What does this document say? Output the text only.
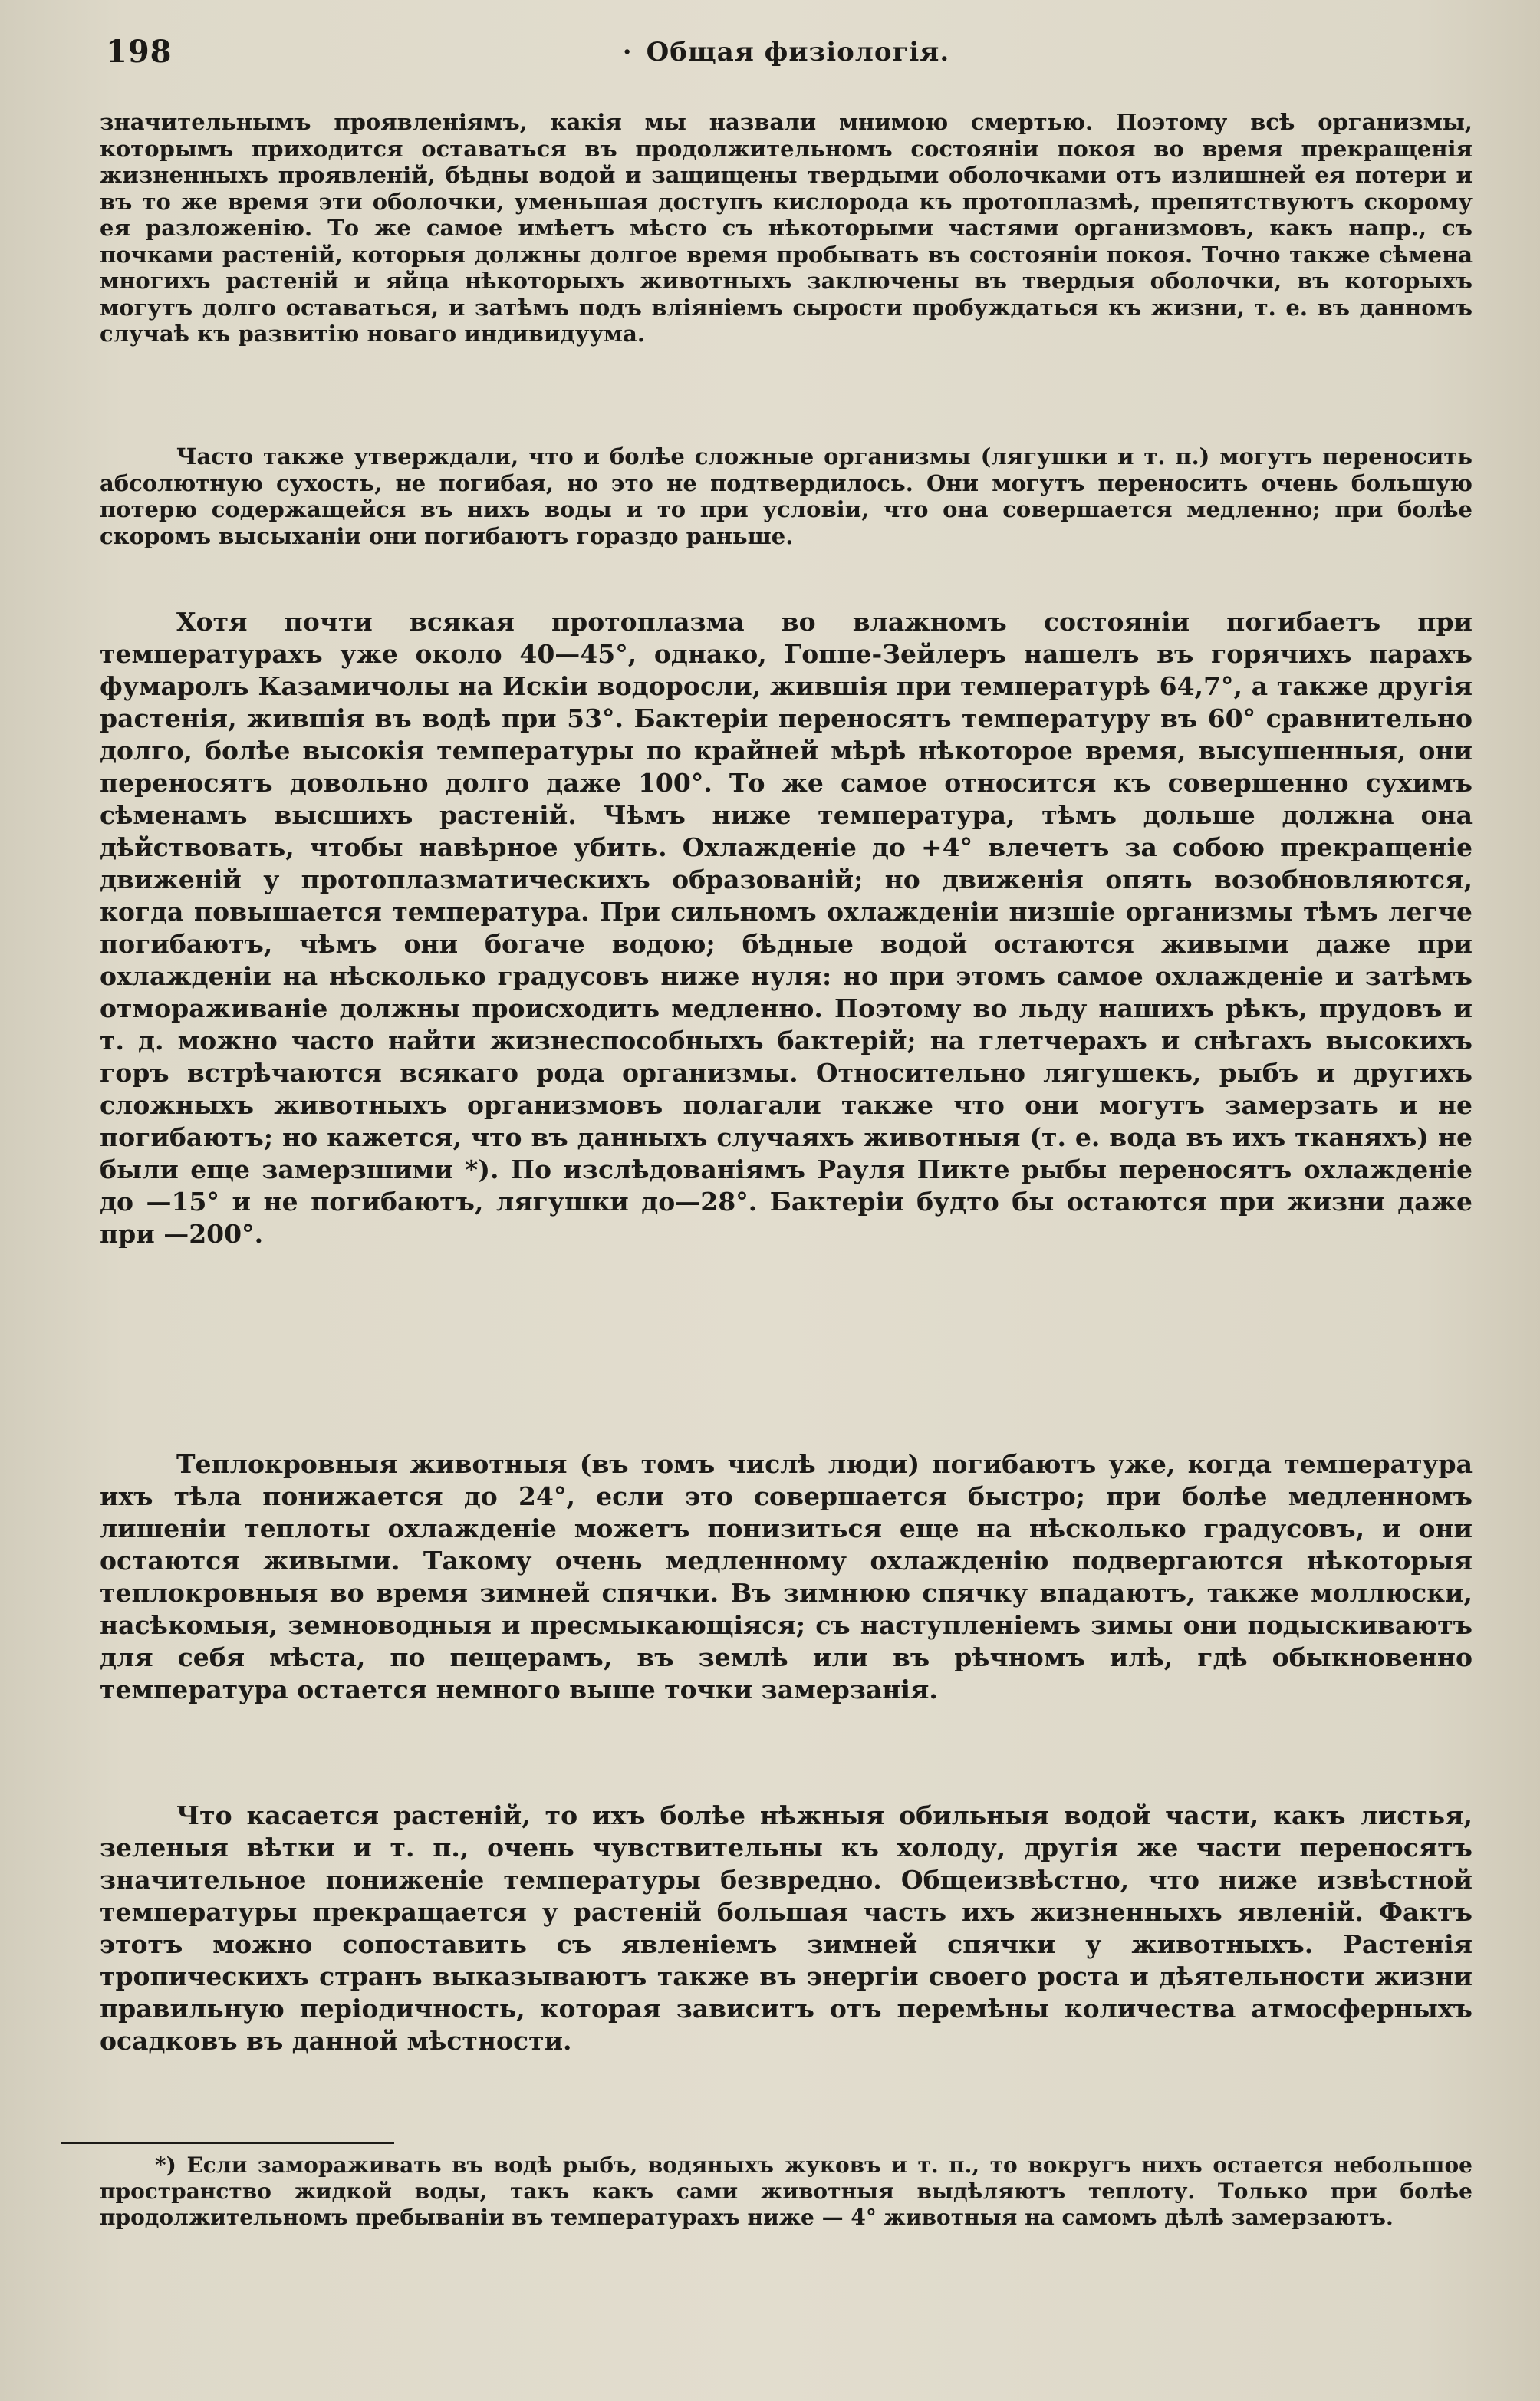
198	· Общая физіологія.

значительнымъ проявленіямъ, какія мы назвали мнимою смертью. Поэтому всѣ организмы, которымъ приходится оставаться въ продолжительномъ состояніи покоя во время прекращенія жизненныхъ проявленій, бѣдны водой и защищены твердыми оболочками отъ излишней ея потери и въ то же время эти оболочки, уменьшая доступъ кислорода къ протоплазмѣ, препятствуютъ скорому ея разложенію. То же самое имѣетъ мѣсто съ нѣкоторыми частями организмовъ, какъ напр., съ почками растеній, которыя должны долгое время пробывать въ состояніи покоя. Точно также сѣмена многихъ растеній и яйца нѣкоторыхъ животныхъ заключены въ твердыя оболочки, въ которыхъ могутъ долго оставаться, и затѣмъ подъ вліяніемъ сырости пробуждаться къ жизни, т. е. въ данномъ случаѣ къ развитію новаго индивидуума.

Часто также утверждали, что и болѣе сложные организмы (лягушки и т. п.) могутъ переносить абсолютную сухость, не погибая, но это не подтвердилось. Они могутъ переносить очень большую потерю содержащейся въ нихъ воды и то при условіи, что она совершается медленно; при болѣе скоромъ высыханіи они погибаютъ гораздо раньше.

Хотя почти всякая протоплазма во влажномъ состояніи погибаетъ при температурахъ уже около 40—45°, однако, Гоппе-Зейлеръ нашелъ въ горячихъ парахъ фумаролъ Казамичолы на Искіи водоросли, жившія при температурѣ 64,7°, а также другія растенія, жившія въ водѣ при 53°. Бактеріи переносятъ температуру въ 60° сравнительно долго, болѣе высокія температуры по крайней мѣрѣ нѣкоторое время, высушенныя, они переносятъ довольно долго даже 100°. То же самое относится къ совершенно сухимъ сѣменамъ высшихъ растеній. Чѣмъ ниже температура, тѣмъ дольше должна она дѣйствовать, чтобы навѣрное убить. Охлажденіе до +4° влечетъ за собою прекращеніе движеній у протоплазматическихъ образованій; но движенія опять возобновляются, когда повышается температура. При сильномъ охлажденіи низшіе организмы тѣмъ легче погибаютъ, чѣмъ они богаче водою; бѣдные водой остаются живыми даже при охлажденіи на нѣсколько градусовъ ниже нуля: но при этомъ самое охлажденіе и затѣмъ отмораживаніе должны происходить медленно. Поэтому во льду нашихъ рѣкъ, прудовъ и т. д. можно часто найти жизнеспособныхъ бактерій; на глетчерахъ и снѣгахъ высокихъ горъ встрѣчаются всякаго рода организмы. Относительно лягушекъ, рыбъ и другихъ сложныхъ животныхъ организмовъ полагали также что они могутъ замерзать и не погибаютъ; но кажется, что въ данныхъ случаяхъ животныя (т. е. вода въ ихъ тканяхъ) не были еще замерзшими *). По изслѣдованіямъ Рауля Пикте рыбы переносятъ охлажденіе до —15° и не погибаютъ, лягушки до—28°. Бактеріи будто бы остаются при жизни даже при —200°.

Теплокровныя животныя (въ томъ числѣ люди) погибаютъ уже, когда температура ихъ тѣла понижается до 24°, если это совершается быстро; при болѣе медленномъ лишеніи теплоты охлажденіе можетъ понизиться еще на нѣсколько градусовъ, и они остаются живыми. Такому очень медленному охлажденію подвергаются нѣкоторыя теплокровныя во время зимней спячки. Въ зимнюю спячку впадаютъ, также моллюски, насѣкомыя, земноводныя и пресмыкающіяся; съ наступленіемъ зимы они подыскиваютъ для себя мѣста, по пещерамъ, въ землѣ или въ рѣчномъ илѣ, гдѣ обыкновенно температура остается немного выше точки замерзанія.

Что касается растеній, то ихъ болѣе нѣжныя обильныя водой части, какъ листья, зеленыя вѣтки и т. п., очень чувствительны къ холоду, другія же части переносятъ значительное пониженіе температуры безвредно. Общеизвѣстно, что ниже извѣстной температуры прекращается у растеній большая часть ихъ жизненныхъ явленій. Фактъ этотъ можно сопоставить съ явленіемъ зимней спячки у животныхъ. Растенія тропическихъ странъ выказываютъ также въ энергіи своего роста и дѣятельности жизни правильную періодичность, которая зависитъ отъ перемѣны количества атмосферныхъ осадковъ въ данной мѣстности.

*) Если замораживать въ водѣ рыбъ, водяныхъ жуковъ и т. п., то вокругъ нихъ остается небольшое пространство жидкой воды, такъ какъ сами животныя выдѣляютъ теплоту. Только при болѣе продолжительномъ пребываніи въ температурахъ ниже — 4° животныя на самомъ дѣлѣ замерзаютъ.
